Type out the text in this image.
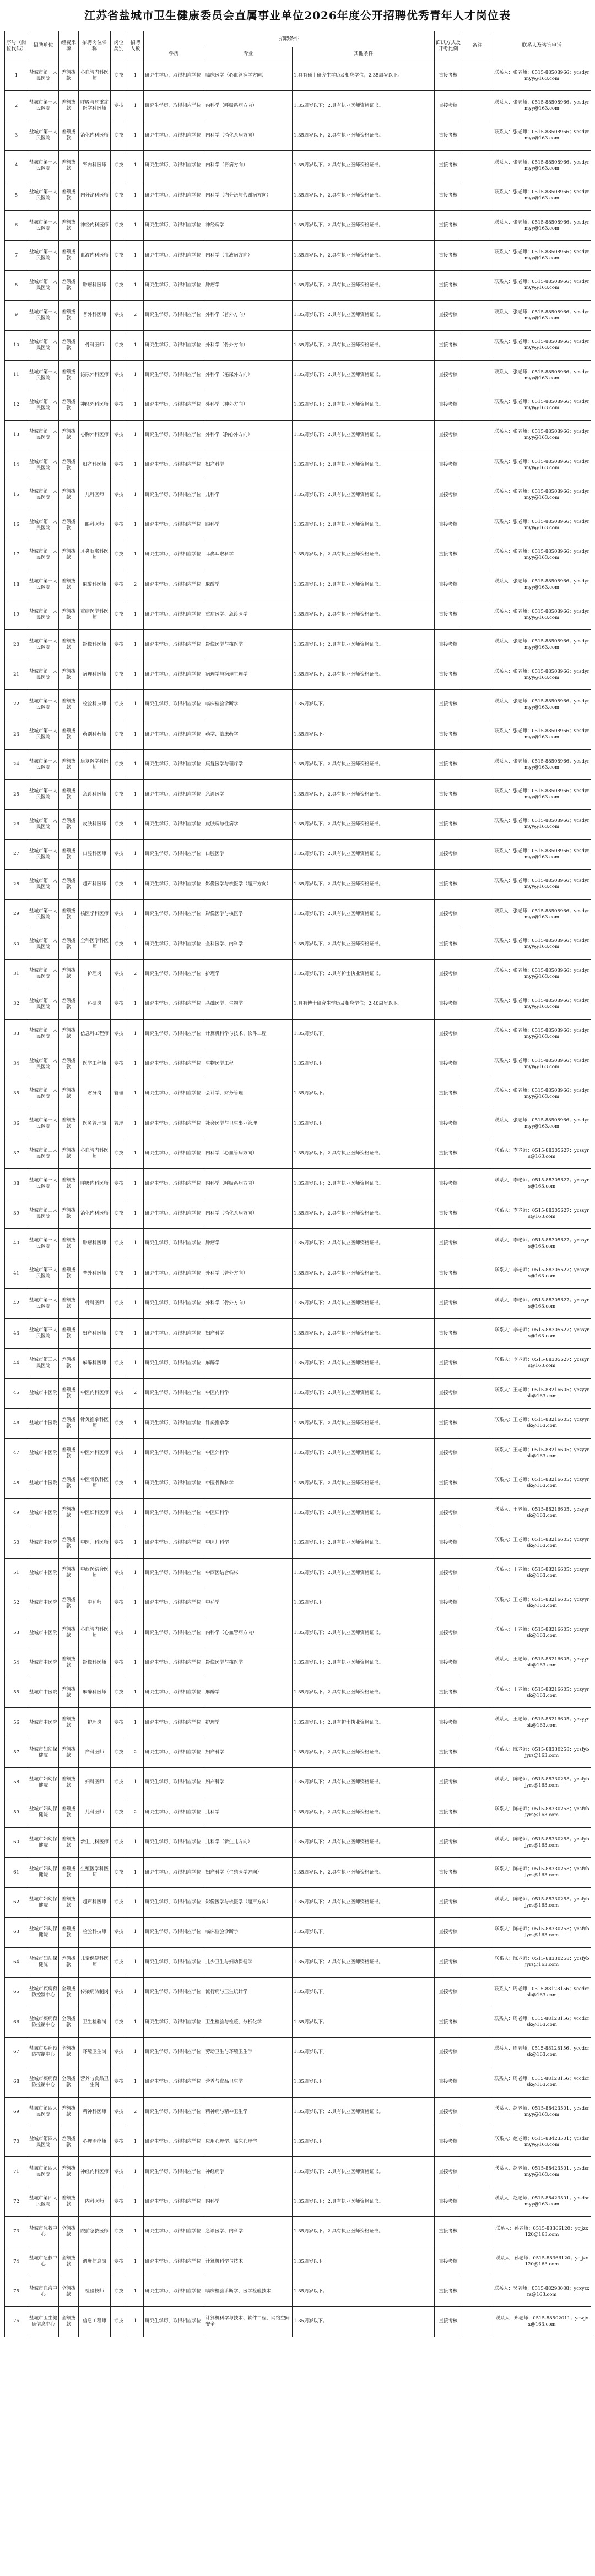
江苏省盐城市卫生健康委员会直属事业单位2026年度公开招聘优秀青年人才岗位表
序号（岗位代码）	招聘单位	经费来源	招聘岗位名称	岗位类别	招聘人数	招聘条件			面试方式及开考比例	备注	联系人及咨询电话
						学历	专业	其他条件			
1	盐城市第一人民医院	差额拨款	心血管内科医师	专技	1	研究生学历，取得相应学位	临床医学（心血管病学方向）	1.具有硕士研究生学历及相应学位；2.35周岁以下。	直接考核		联系人：张老师；0515-88508966；ycsdyrmyy@163.com
2	盐城市第一人民医院	差额拨款	呼吸与危重症医学科医师	专技	1	研究生学历，取得相应学位	内科学（呼吸系病方向）	1.35周岁以下；2.具有执业医师资格证书。	直接考核		联系人：张老师；0515-88508966；ycsdyrmyy@163.com
3	盐城市第一人民医院	差额拨款	消化内科医师	专技	1	研究生学历，取得相应学位	内科学（消化系病方向）	1.35周岁以下；2.具有执业医师资格证书。	直接考核		联系人：张老师；0515-88508966；ycsdyrmyy@163.com
4	盐城市第一人民医院	差额拨款	肾内科医师	专技	1	研究生学历，取得相应学位	内科学（肾病方向）	1.35周岁以下；2.具有执业医师资格证书。	直接考核		联系人：张老师；0515-88508966；ycsdyrmyy@163.com
5	盐城市第一人民医院	差额拨款	内分泌科医师	专技	1	研究生学历，取得相应学位	内科学（内分泌与代谢病方向）	1.35周岁以下；2.具有执业医师资格证书。	直接考核		联系人：张老师；0515-88508966；ycsdyrmyy@163.com
6	盐城市第一人民医院	差额拨款	神经内科医师	专技	1	研究生学历，取得相应学位	神经病学	1.35周岁以下；2.具有执业医师资格证书。	直接考核		联系人：张老师；0515-88508966；ycsdyrmyy@163.com
7	盐城市第一人民医院	差额拨款	血液内科医师	专技	1	研究生学历，取得相应学位	内科学（血液病方向）	1.35周岁以下；2.具有执业医师资格证书。	直接考核		联系人：张老师；0515-88508966；ycsdyrmyy@163.com
8	盐城市第一人民医院	差额拨款	肿瘤科医师	专技	1	研究生学历，取得相应学位	肿瘤学	1.35周岁以下；2.具有执业医师资格证书。	直接考核		联系人：张老师；0515-88508966；ycsdyrmyy@163.com
9	盐城市第一人民医院	差额拨款	普外科医师	专技	2	研究生学历，取得相应学位	外科学（普外方向）	1.35周岁以下；2.具有执业医师资格证书。	直接考核		联系人：张老师；0515-88508966；ycsdyrmyy@163.com
10	盐城市第一人民医院	差额拨款	骨科医师	专技	1	研究生学历，取得相应学位	外科学（骨外方向）	1.35周岁以下；2.具有执业医师资格证书。	直接考核		联系人：张老师；0515-88508966；ycsdyrmyy@163.com
11	盐城市第一人民医院	差额拨款	泌尿外科医师	专技	1	研究生学历，取得相应学位	外科学（泌尿外方向）	1.35周岁以下；2.具有执业医师资格证书。	直接考核		联系人：张老师；0515-88508966；ycsdyrmyy@163.com
12	盐城市第一人民医院	差额拨款	神经外科医师	专技	1	研究生学历，取得相应学位	外科学（神外方向）	1.35周岁以下；2.具有执业医师资格证书。	直接考核		联系人：张老师；0515-88508966；ycsdyrmyy@163.com
13	盐城市第一人民医院	差额拨款	心胸外科医师	专技	1	研究生学历，取得相应学位	外科学（胸心外方向）	1.35周岁以下；2.具有执业医师资格证书。	直接考核		联系人：张老师；0515-88508966；ycsdyrmyy@163.com
14	盐城市第一人民医院	差额拨款	妇产科医师	专技	1	研究生学历，取得相应学位	妇产科学	1.35周岁以下；2.具有执业医师资格证书。	直接考核		联系人：张老师；0515-88508966；ycsdyrmyy@163.com
15	盐城市第一人民医院	差额拨款	儿科医师	专技	1	研究生学历，取得相应学位	儿科学	1.35周岁以下；2.具有执业医师资格证书。	直接考核		联系人：张老师；0515-88508966；ycsdyrmyy@163.com
16	盐城市第一人民医院	差额拨款	眼科医师	专技	1	研究生学历，取得相应学位	眼科学	1.35周岁以下；2.具有执业医师资格证书。	直接考核		联系人：张老师；0515-88508966；ycsdyrmyy@163.com
17	盐城市第一人民医院	差额拨款	耳鼻咽喉科医师	专技	1	研究生学历，取得相应学位	耳鼻咽喉科学	1.35周岁以下；2.具有执业医师资格证书。	直接考核		联系人：张老师；0515-88508966；ycsdyrmyy@163.com
18	盐城市第一人民医院	差额拨款	麻醉科医师	专技	2	研究生学历，取得相应学位	麻醉学	1.35周岁以下；2.具有执业医师资格证书。	直接考核		联系人：张老师；0515-88508966；ycsdyrmyy@163.com
19	盐城市第一人民医院	差额拨款	重症医学科医师	专技	1	研究生学历，取得相应学位	重症医学、急诊医学	1.35周岁以下；2.具有执业医师资格证书。	直接考核		联系人：张老师；0515-88508966；ycsdyrmyy@163.com
20	盐城市第一人民医院	差额拨款	影像科医师	专技	1	研究生学历，取得相应学位	影像医学与核医学	1.35周岁以下；2.具有执业医师资格证书。	直接考核		联系人：张老师；0515-88508966；ycsdyrmyy@163.com
21	盐城市第一人民医院	差额拨款	病理科医师	专技	1	研究生学历，取得相应学位	病理学与病理生理学	1.35周岁以下；2.具有执业医师资格证书。	直接考核		联系人：张老师；0515-88508966；ycsdyrmyy@163.com
22	盐城市第一人民医院	差额拨款	检验科技师	专技	1	研究生学历，取得相应学位	临床检验诊断学	1.35周岁以下。	直接考核		联系人：张老师；0515-88508966；ycsdyrmyy@163.com
23	盐城市第一人民医院	差额拨款	药剂科药师	专技	1	研究生学历，取得相应学位	药学、临床药学	1.35周岁以下。	直接考核		联系人：张老师；0515-88508966；ycsdyrmyy@163.com
24	盐城市第一人民医院	差额拨款	康复医学科医师	专技	1	研究生学历，取得相应学位	康复医学与理疗学	1.35周岁以下；2.具有执业医师资格证书。	直接考核		联系人：张老师；0515-88508966；ycsdyrmyy@163.com
25	盐城市第一人民医院	差额拨款	急诊科医师	专技	1	研究生学历，取得相应学位	急诊医学	1.35周岁以下；2.具有执业医师资格证书。	直接考核		联系人：张老师；0515-88508966；ycsdyrmyy@163.com
26	盐城市第一人民医院	差额拨款	皮肤科医师	专技	1	研究生学历，取得相应学位	皮肤病与性病学	1.35周岁以下；2.具有执业医师资格证书。	直接考核		联系人：张老师；0515-88508966；ycsdyrmyy@163.com
27	盐城市第一人民医院	差额拨款	口腔科医师	专技	1	研究生学历，取得相应学位	口腔医学	1.35周岁以下；2.具有执业医师资格证书。	直接考核		联系人：张老师；0515-88508966；ycsdyrmyy@163.com
28	盐城市第一人民医院	差额拨款	超声科医师	专技	1	研究生学历，取得相应学位	影像医学与核医学（超声方向）	1.35周岁以下；2.具有执业医师资格证书。	直接考核		联系人：张老师；0515-88508966；ycsdyrmyy@163.com
29	盐城市第一人民医院	差额拨款	核医学科医师	专技	1	研究生学历，取得相应学位	影像医学与核医学	1.35周岁以下；2.具有执业医师资格证书。	直接考核		联系人：张老师；0515-88508966；ycsdyrmyy@163.com
30	盐城市第一人民医院	差额拨款	全科医学科医师	专技	1	研究生学历，取得相应学位	全科医学、内科学	1.35周岁以下；2.具有执业医师资格证书。	直接考核		联系人：张老师；0515-88508966；ycsdyrmyy@163.com
31	盐城市第一人民医院	差额拨款	护理岗	专技	2	研究生学历，取得相应学位	护理学	1.35周岁以下；2.具有护士执业资格证书。	直接考核		联系人：张老师；0515-88508966；ycsdyrmyy@163.com
32	盐城市第一人民医院	差额拨款	科研岗	专技	1	研究生学历，取得相应学位	基础医学、生物学	1.具有博士研究生学历及相应学位；2.40周岁以下。	直接考核		联系人：张老师；0515-88508966；ycsdyrmyy@163.com
33	盐城市第一人民医院	差额拨款	信息科工程师	专技	1	研究生学历，取得相应学位	计算机科学与技术、软件工程	1.35周岁以下。	直接考核		联系人：张老师；0515-88508966；ycsdyrmyy@163.com
34	盐城市第一人民医院	差额拨款	医学工程师	专技	1	研究生学历，取得相应学位	生物医学工程	1.35周岁以下。	直接考核		联系人：张老师；0515-88508966；ycsdyrmyy@163.com
35	盐城市第一人民医院	差额拨款	财务岗	管理	1	研究生学历，取得相应学位	会计学、财务管理	1.35周岁以下。	直接考核		联系人：张老师；0515-88508966；ycsdyrmyy@163.com
36	盐城市第一人民医院	差额拨款	医务管理岗	管理	1	研究生学历，取得相应学位	社会医学与卫生事业管理	1.35周岁以下。	直接考核		联系人：张老师；0515-88508966；ycsdyrmyy@163.com
37	盐城市第三人民医院	差额拨款	心血管内科医师	专技	1	研究生学历，取得相应学位	内科学（心血管病方向）	1.35周岁以下；2.具有执业医师资格证书。	直接考核		联系人：李老师；0515-88305627；ycssyrs@163.com
38	盐城市第三人民医院	差额拨款	呼吸内科医师	专技	1	研究生学历，取得相应学位	内科学（呼吸系病方向）	1.35周岁以下；2.具有执业医师资格证书。	直接考核		联系人：李老师；0515-88305627；ycssyrs@163.com
39	盐城市第三人民医院	差额拨款	消化内科医师	专技	1	研究生学历，取得相应学位	内科学（消化系病方向）	1.35周岁以下；2.具有执业医师资格证书。	直接考核		联系人：李老师；0515-88305627；ycssyrs@163.com
40	盐城市第三人民医院	差额拨款	肿瘤科医师	专技	1	研究生学历，取得相应学位	肿瘤学	1.35周岁以下；2.具有执业医师资格证书。	直接考核		联系人：李老师；0515-88305627；ycssyrs@163.com
41	盐城市第三人民医院	差额拨款	普外科医师	专技	1	研究生学历，取得相应学位	外科学（普外方向）	1.35周岁以下；2.具有执业医师资格证书。	直接考核		联系人：李老师；0515-88305627；ycssyrs@163.com
42	盐城市第三人民医院	差额拨款	骨科医师	专技	1	研究生学历，取得相应学位	外科学（骨外方向）	1.35周岁以下；2.具有执业医师资格证书。	直接考核		联系人：李老师；0515-88305627；ycssyrs@163.com
43	盐城市第三人民医院	差额拨款	妇产科医师	专技	1	研究生学历，取得相应学位	妇产科学	1.35周岁以下；2.具有执业医师资格证书。	直接考核		联系人：李老师；0515-88305627；ycssyrs@163.com
44	盐城市第三人民医院	差额拨款	麻醉科医师	专技	1	研究生学历，取得相应学位	麻醉学	1.35周岁以下；2.具有执业医师资格证书。	直接考核		联系人：李老师；0515-88305627；ycssyrs@163.com
45	盐城市中医院	差额拨款	中医内科医师	专技	2	研究生学历，取得相应学位	中医内科学	1.35周岁以下；2.具有执业医师资格证书。	直接考核		联系人：王老师；0515-88216605；yczyyrsk@163.com
46	盐城市中医院	差额拨款	针灸推拿科医师	专技	1	研究生学历，取得相应学位	针灸推拿学	1.35周岁以下；2.具有执业医师资格证书。	直接考核		联系人：王老师；0515-88216605；yczyyrsk@163.com
47	盐城市中医院	差额拨款	中医外科医师	专技	1	研究生学历，取得相应学位	中医外科学	1.35周岁以下；2.具有执业医师资格证书。	直接考核		联系人：王老师；0515-88216605；yczyyrsk@163.com
48	盐城市中医院	差额拨款	中医骨伤科医师	专技	1	研究生学历，取得相应学位	中医骨伤科学	1.35周岁以下；2.具有执业医师资格证书。	直接考核		联系人：王老师；0515-88216605；yczyyrsk@163.com
49	盐城市中医院	差额拨款	中医妇科医师	专技	1	研究生学历，取得相应学位	中医妇科学	1.35周岁以下；2.具有执业医师资格证书。	直接考核		联系人：王老师；0515-88216605；yczyyrsk@163.com
50	盐城市中医院	差额拨款	中医儿科医师	专技	1	研究生学历，取得相应学位	中医儿科学	1.35周岁以下；2.具有执业医师资格证书。	直接考核		联系人：王老师；0515-88216605；yczyyrsk@163.com
51	盐城市中医院	差额拨款	中西医结合医师	专技	1	研究生学历，取得相应学位	中西医结合临床	1.35周岁以下；2.具有执业医师资格证书。	直接考核		联系人：王老师；0515-88216605；yczyyrsk@163.com
52	盐城市中医院	差额拨款	中药师	专技	1	研究生学历，取得相应学位	中药学	1.35周岁以下。	直接考核		联系人：王老师；0515-88216605；yczyyrsk@163.com
53	盐城市中医院	差额拨款	心血管内科医师	专技	1	研究生学历，取得相应学位	内科学（心血管病方向）	1.35周岁以下；2.具有执业医师资格证书。	直接考核		联系人：王老师；0515-88216605；yczyyrsk@163.com
54	盐城市中医院	差额拨款	影像科医师	专技	1	研究生学历，取得相应学位	影像医学与核医学	1.35周岁以下；2.具有执业医师资格证书。	直接考核		联系人：王老师；0515-88216605；yczyyrsk@163.com
55	盐城市中医院	差额拨款	麻醉科医师	专技	1	研究生学历，取得相应学位	麻醉学	1.35周岁以下；2.具有执业医师资格证书。	直接考核		联系人：王老师；0515-88216605；yczyyrsk@163.com
56	盐城市中医院	差额拨款	护理岗	专技	1	研究生学历，取得相应学位	护理学	1.35周岁以下；2.具有护士执业资格证书。	直接考核		联系人：王老师；0515-88216605；yczyyrsk@163.com
57	盐城市妇幼保健院	差额拨款	产科医师	专技	2	研究生学历，取得相应学位	妇产科学	1.35周岁以下；2.具有执业医师资格证书。	直接考核		联系人：陈老师；0515-88330258；ycsfybjyrs@163.com
58	盐城市妇幼保健院	差额拨款	妇科医师	专技	1	研究生学历，取得相应学位	妇产科学	1.35周岁以下；2.具有执业医师资格证书。	直接考核		联系人：陈老师；0515-88330258；ycsfybjyrs@163.com
59	盐城市妇幼保健院	差额拨款	儿科医师	专技	2	研究生学历，取得相应学位	儿科学	1.35周岁以下；2.具有执业医师资格证书。	直接考核		联系人：陈老师；0515-88330258；ycsfybjyrs@163.com
60	盐城市妇幼保健院	差额拨款	新生儿科医师	专技	1	研究生学历，取得相应学位	儿科学（新生儿方向）	1.35周岁以下；2.具有执业医师资格证书。	直接考核		联系人：陈老师；0515-88330258；ycsfybjyrs@163.com
61	盐城市妇幼保健院	差额拨款	生殖医学科医师	专技	1	研究生学历，取得相应学位	妇产科学（生殖医学方向）	1.35周岁以下；2.具有执业医师资格证书。	直接考核		联系人：陈老师；0515-88330258；ycsfybjyrs@163.com
62	盐城市妇幼保健院	差额拨款	超声科医师	专技	1	研究生学历，取得相应学位	影像医学与核医学（超声方向）	1.35周岁以下；2.具有执业医师资格证书。	直接考核		联系人：陈老师；0515-88330258；ycsfybjyrs@163.com
63	盐城市妇幼保健院	差额拨款	检验科技师	专技	1	研究生学历，取得相应学位	临床检验诊断学	1.35周岁以下。	直接考核		联系人：陈老师；0515-88330258；ycsfybjyrs@163.com
64	盐城市妇幼保健院	差额拨款	儿童保健科医师	专技	1	研究生学历，取得相应学位	儿少卫生与妇幼保健学	1.35周岁以下；2.具有执业医师资格证书。	直接考核		联系人：陈老师；0515-88330258；ycsfybjyrs@163.com
65	盐城市疾病预防控制中心	全额拨款	传染病防制岗	专技	1	研究生学历，取得相应学位	流行病与卫生统计学	1.35周岁以下。	直接考核		联系人：周老师；0515-88128156；yccdcrsk@163.com
66	盐城市疾病预防控制中心	全额拨款	卫生检验岗	专技	1	研究生学历，取得相应学位	卫生检验与检疫、分析化学	1.35周岁以下。	直接考核		联系人：周老师；0515-88128156；yccdcrsk@163.com
67	盐城市疾病预防控制中心	全额拨款	环境卫生岗	专技	1	研究生学历，取得相应学位	劳动卫生与环境卫生学	1.35周岁以下。	直接考核		联系人：周老师；0515-88128156；yccdcrsk@163.com
68	盐城市疾病预防控制中心	全额拨款	营养与食品卫生岗	专技	1	研究生学历，取得相应学位	营养与食品卫生学	1.35周岁以下。	直接考核		联系人：周老师；0515-88128156；yccdcrsk@163.com
69	盐城市第四人民医院	差额拨款	精神科医师	专技	2	研究生学历，取得相应学位	精神病与精神卫生学	1.35周岁以下；2.具有执业医师资格证书。	直接考核		联系人：赵老师；0515-88423501；ycsdsrmyy@163.com
70	盐城市第四人民医院	差额拨款	心理治疗师	专技	1	研究生学历，取得相应学位	应用心理学、临床心理学	1.35周岁以下。	直接考核		联系人：赵老师；0515-88423501；ycsdsrmyy@163.com
71	盐城市第四人民医院	差额拨款	神经内科医师	专技	1	研究生学历，取得相应学位	神经病学	1.35周岁以下；2.具有执业医师资格证书。	直接考核		联系人：赵老师；0515-88423501；ycsdsrmyy@163.com
72	盐城市第四人民医院	差额拨款	内科医师	专技	1	研究生学历，取得相应学位	内科学	1.35周岁以下；2.具有执业医师资格证书。	直接考核		联系人：赵老师；0515-88423501；ycsdsrmyy@163.com
73	盐城市急救中心	全额拨款	院前急救医师	专技	1	研究生学历，取得相应学位	急诊医学、内科学	1.35周岁以下；2.具有执业医师资格证书。	直接考核		联系人：孙老师；0515-88366120；ycjjzx120@163.com
74	盐城市急救中心	全额拨款	调度信息岗	专技	1	研究生学历，取得相应学位	计算机科学与技术	1.35周岁以下。	直接考核		联系人：孙老师；0515-88366120；ycjjzx120@163.com
75	盐城市血液中心	全额拨款	检验技师	专技	1	研究生学历，取得相应学位	临床检验诊断学、医学检验技术	1.35周岁以下。	直接考核		联系人：吴老师；0515-88293088；ycxyzxrs@163.com
76	盐城市卫生健康信息中心	全额拨款	信息工程师	专技	1	研究生学历，取得相应学位	计算机科学与技术、软件工程、网络空间安全	1.35周岁以下。	直接考核		联系人：郑老师；0515-88502011；ycwjxx@163.com
